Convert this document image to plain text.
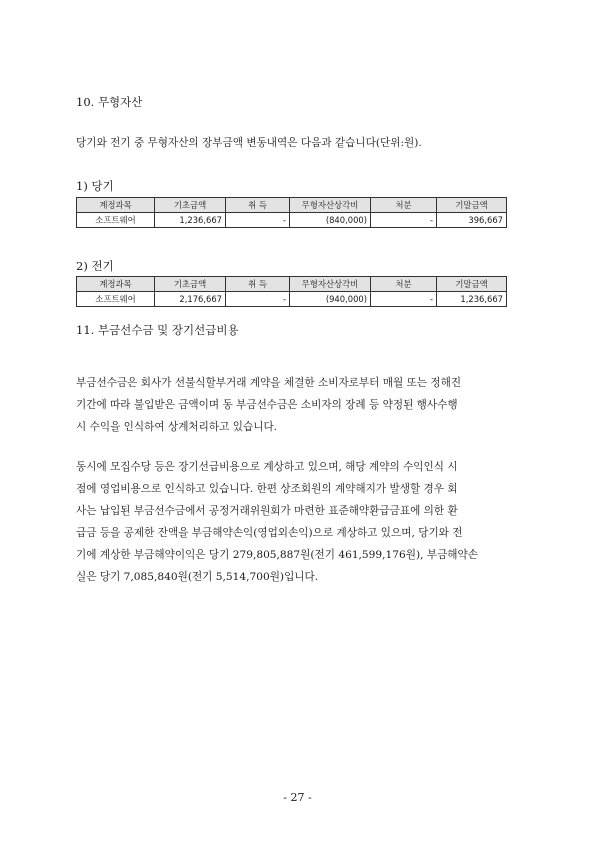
10. 무형자산
당기와 전기 중 무형자산의 장부금액 변동내역은 다음과 같습니다(단위:원).
1) 당기
계정과목	기초금액	취 득	무형자산상각비	처분	기말금액
소프트웨어	1,236,667	-	(840,000)	-	396,667
2) 전기
계정과목	기초금액	취 득	무형자산상각비	처분	기말금액
소프트웨어	2,176,667	-	(940,000)	-	1,236,667
11. 부금선수금 및 장기선급비용
부금선수금은 회사가 선불식할부거래 계약을 체결한 소비자로부터 매월 또는 정해진
기간에 따라 불입받은 금액이며 동 부금선수금은 소비자의 장례 등 약정된 행사수행
시 수익을 인식하여 상계처리하고 있습니다.
동시에 모집수당 등은 장기선급비용으로 계상하고 있으며, 해당 계약의 수익인식 시
점에 영업비용으로 인식하고 있습니다. 한편 상조회원의 계약해지가 발생할 경우 회
사는 납입된 부금선수금에서 공정거래위원회가 마련한 표준해약환급금표에 의한 환
급금 등을 공제한 잔액을 부금해약손익(영업외손익)으로 계상하고 있으며, 당기와 전
기에 계상한 부금해약이익은 당기 279,805,887원(전기 461,599,176원), 부금해약손
실은 당기 7,085,840원(전기 5,514,700원)입니다.
- 27 -
